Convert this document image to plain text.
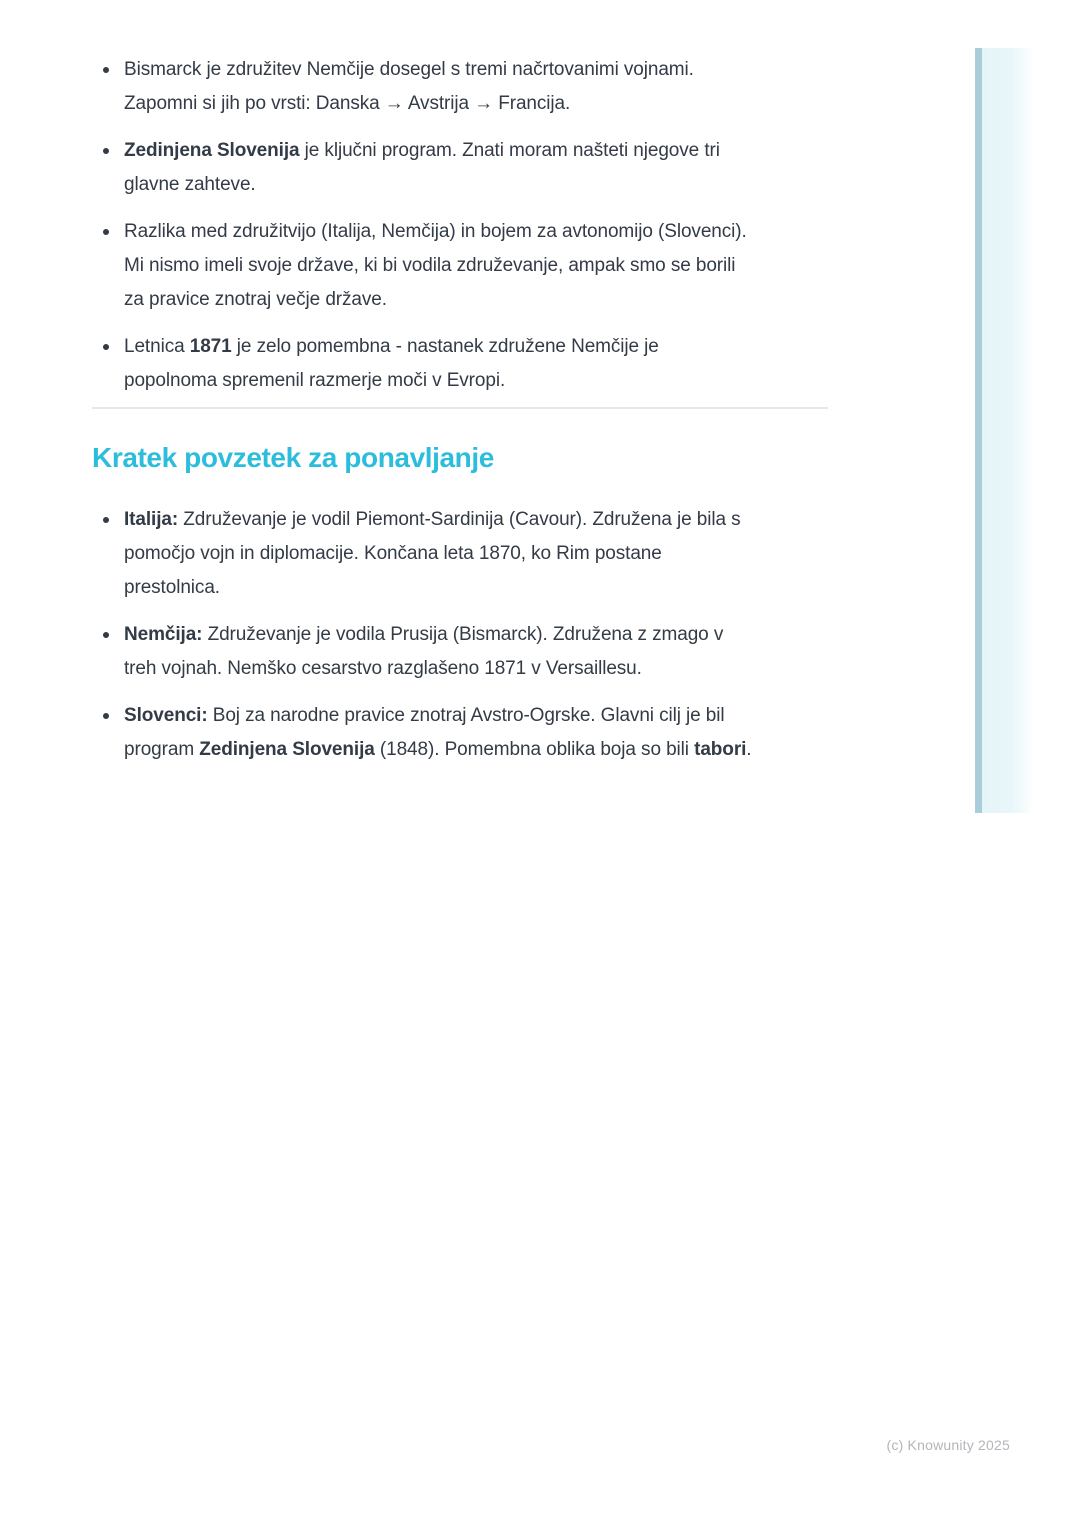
Bismarck je združitev Nemčije dosegel s tremi načrtovanimi vojnami.
Zapomni si jih po vrsti: Danska → Avstrija → Francija.
Zedinjena Slovenija je ključni program. Znati moram našteti njegove tri
glavne zahteve.
Razlika med združitvijo (Italija, Nemčija) in bojem za avtonomijo (Slovenci).
Mi nismo imeli svoje države, ki bi vodila združevanje, ampak smo se borili
za pravice znotraj večje države.
Letnica 1871 je zelo pomembna - nastanek združene Nemčije je
popolnoma spremenil razmerje moči v Evropi.
Kratek povzetek za ponavljanje
Italija: Združevanje je vodil Piemont-Sardinija (Cavour). Združena je bila s
pomočjo vojn in diplomacije. Končana leta 1870, ko Rim postane
prestolnica.
Nemčija: Združevanje je vodila Prusija (Bismarck). Združena z zmago v
treh vojnah. Nemško cesarstvo razglašeno 1871 v Versaillesu.
Slovenci: Boj za narodne pravice znotraj Avstro-Ogrske. Glavni cilj je bil
program Zedinjena Slovenija (1848). Pomembna oblika boja so bili tabori.
(c) Knowunity 2025
